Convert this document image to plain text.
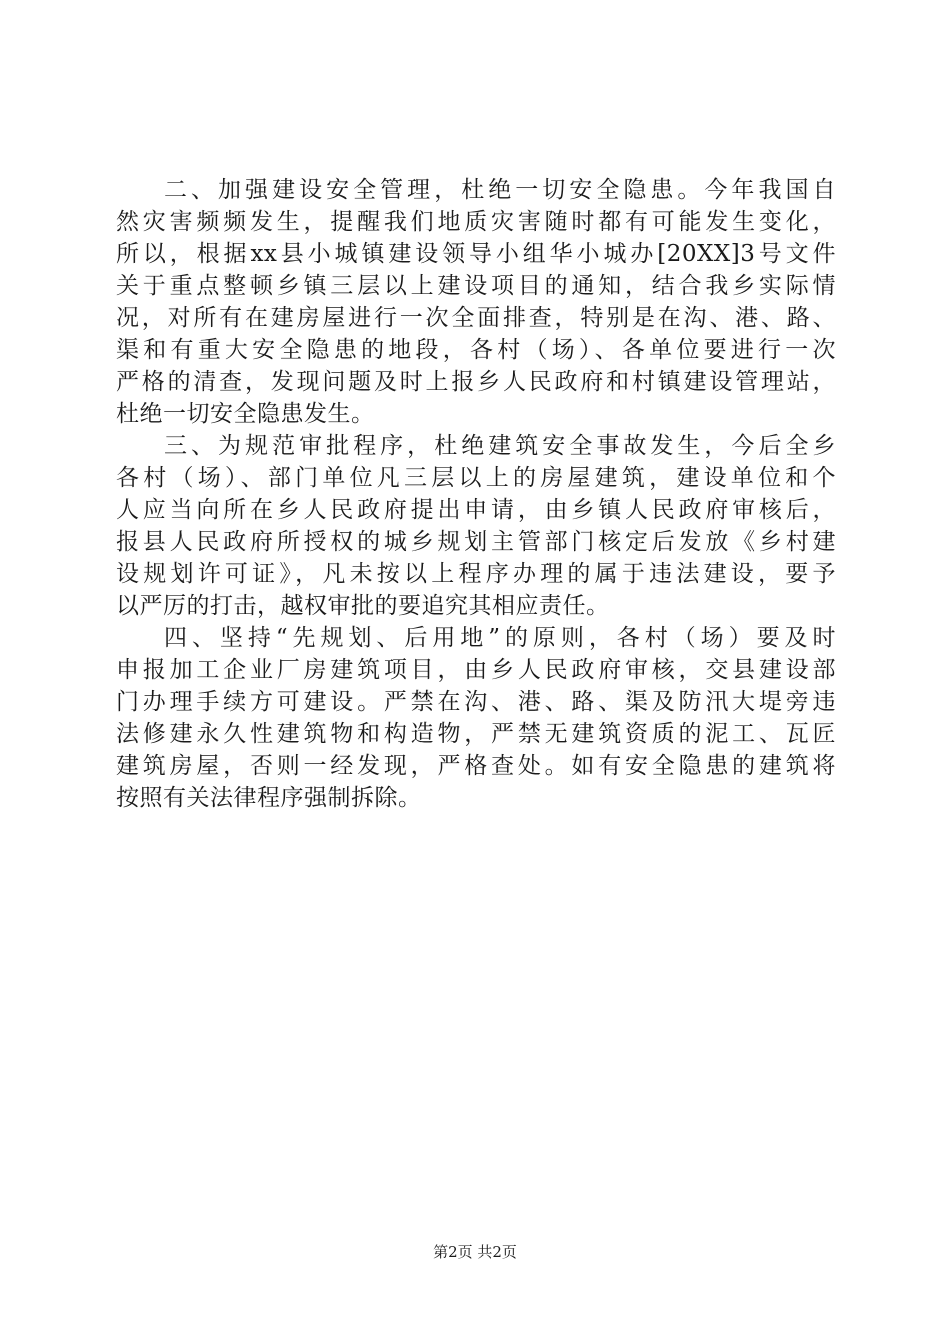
二、加强建设安全管理，杜绝一切安全隐患。今年我国自
然灾害频频发生，提醒我们地质灾害随时都有可能发生变化，
所以，根据xx县小城镇建设领导小组华小城办[20XX]3号文件
关于重点整顿乡镇三层以上建设项目的通知，结合我乡实际情
况，对所有在建房屋进行一次全面排查，特别是在沟、港、路、
渠和有重大安全隐患的地段，各村（场）、各单位要进行一次
严格的清查，发现问题及时上报乡人民政府和村镇建设管理站，
杜绝一切安全隐患发生。
三、为规范审批程序，杜绝建筑安全事故发生，今后全乡
各村（场）、部门单位凡三层以上的房屋建筑，建设单位和个
人应当向所在乡人民政府提出申请，由乡镇人民政府审核后，
报县人民政府所授权的城乡规划主管部门核定后发放《乡村建
设规划许可证》，凡未按以上程序办理的属于违法建设，要予
以严厉的打击，越权审批的要追究其相应责任。
四、坚持“先规划、后用地”的原则，各村（场）要及时
申报加工企业厂房建筑项目，由乡人民政府审核，交县建设部
门办理手续方可建设。严禁在沟、港、路、渠及防汛大堤旁违
法修建永久性建筑物和构造物，严禁无建筑资质的泥工、瓦匠
建筑房屋，否则一经发现，严格查处。如有安全隐患的建筑将
按照有关法律程序强制拆除。
第2页 共2页
